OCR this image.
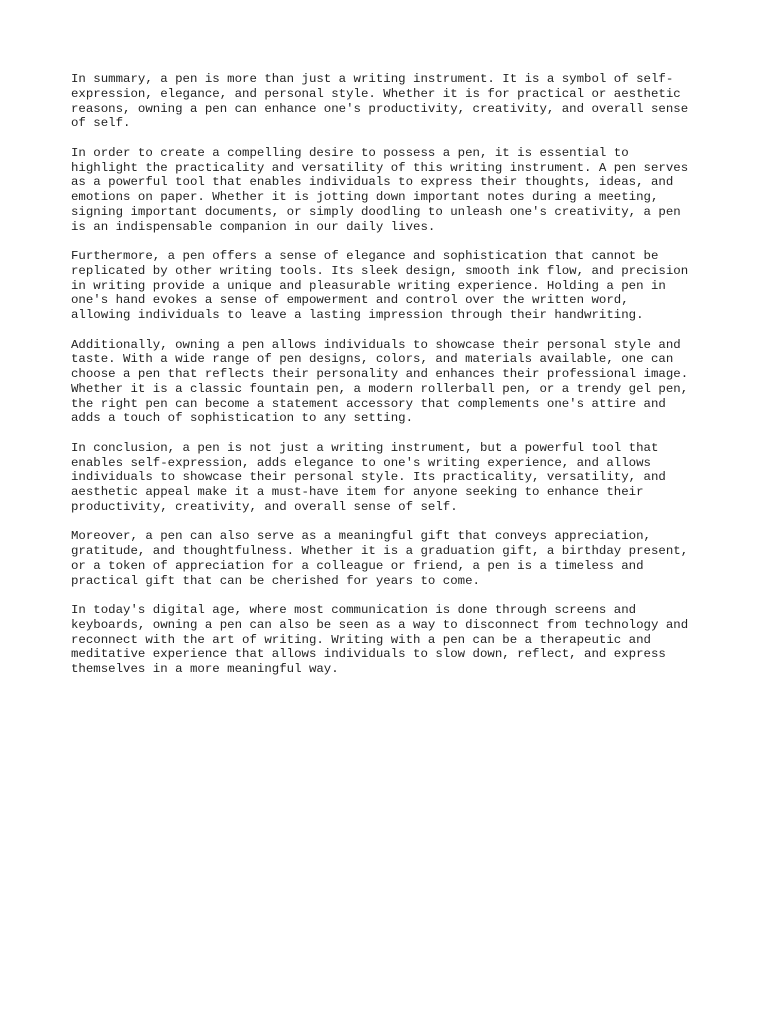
In summary, a pen is more than just a writing instrument. It is a symbol of self-
expression, elegance, and personal style. Whether it is for practical or aesthetic
reasons, owning a pen can enhance one's productivity, creativity, and overall sense
of self.

In order to create a compelling desire to possess a pen, it is essential to
highlight the practicality and versatility of this writing instrument. A pen serves
as a powerful tool that enables individuals to express their thoughts, ideas, and
emotions on paper. Whether it is jotting down important notes during a meeting,
signing important documents, or simply doodling to unleash one's creativity, a pen
is an indispensable companion in our daily lives.

Furthermore, a pen offers a sense of elegance and sophistication that cannot be
replicated by other writing tools. Its sleek design, smooth ink flow, and precision
in writing provide a unique and pleasurable writing experience. Holding a pen in
one's hand evokes a sense of empowerment and control over the written word,
allowing individuals to leave a lasting impression through their handwriting.

Additionally, owning a pen allows individuals to showcase their personal style and
taste. With a wide range of pen designs, colors, and materials available, one can
choose a pen that reflects their personality and enhances their professional image.
Whether it is a classic fountain pen, a modern rollerball pen, or a trendy gel pen,
the right pen can become a statement accessory that complements one's attire and
adds a touch of sophistication to any setting.

In conclusion, a pen is not just a writing instrument, but a powerful tool that
enables self-expression, adds elegance to one's writing experience, and allows
individuals to showcase their personal style. Its practicality, versatility, and
aesthetic appeal make it a must-have item for anyone seeking to enhance their
productivity, creativity, and overall sense of self.

Moreover, a pen can also serve as a meaningful gift that conveys appreciation,
gratitude, and thoughtfulness. Whether it is a graduation gift, a birthday present,
or a token of appreciation for a colleague or friend, a pen is a timeless and
practical gift that can be cherished for years to come.

In today's digital age, where most communication is done through screens and
keyboards, owning a pen can also be seen as a way to disconnect from technology and
reconnect with the art of writing. Writing with a pen can be a therapeutic and
meditative experience that allows individuals to slow down, reflect, and express
themselves in a more meaningful way.
